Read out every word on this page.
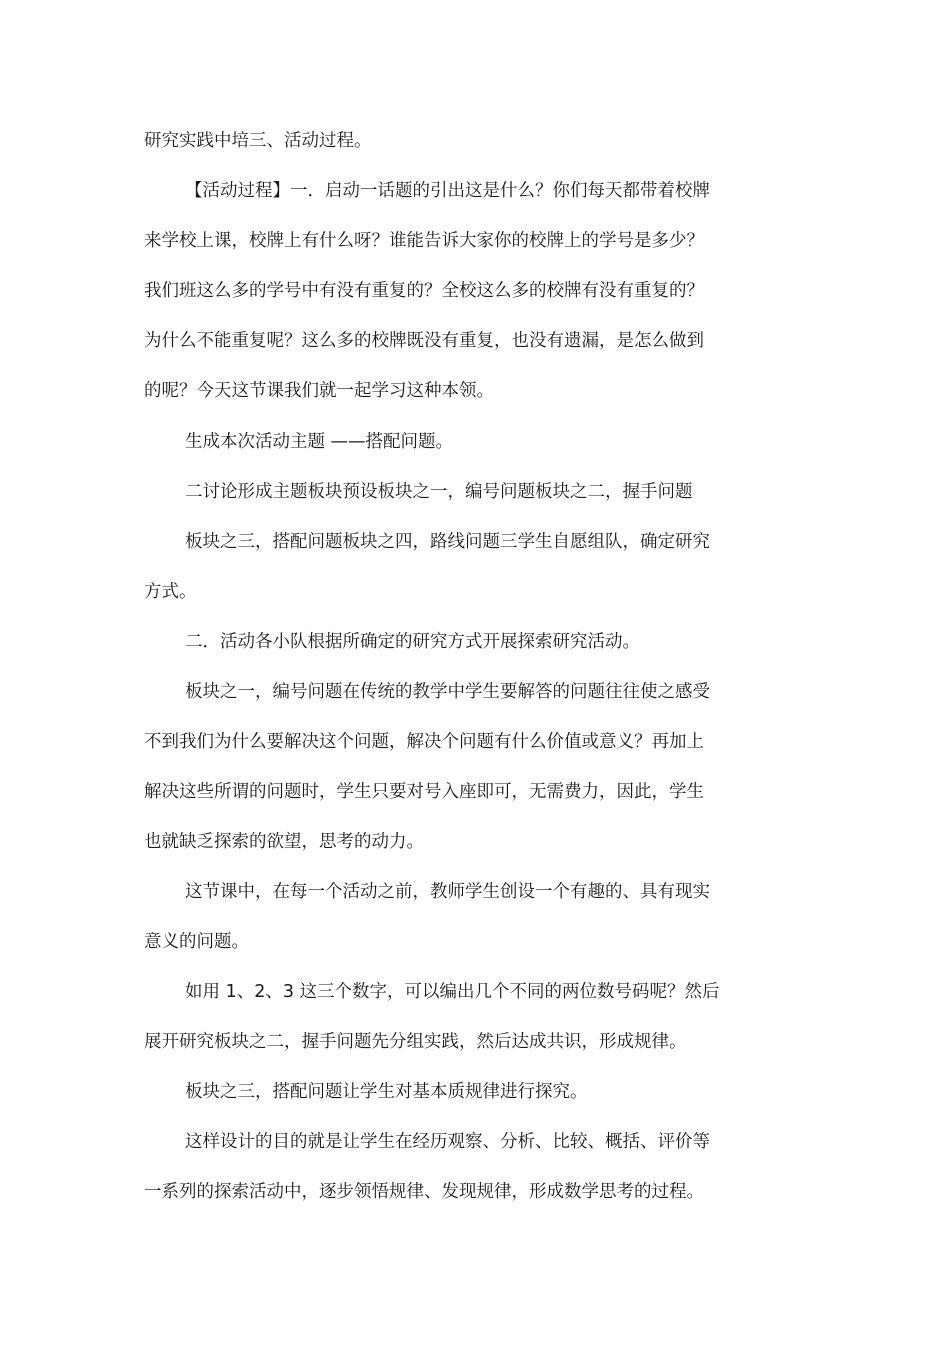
研究实践中培三、活动过程。

【活动过程】一．启动一话题的引出这是什么？你们每天都带着校牌

来学校上课，校牌上有什么呀？谁能告诉大家你的校牌上的学号是多少？

我们班这么多的学号中有没有重复的？全校这么多的校牌有没有重复的？

为什么不能重复呢？这么多的校牌既没有重复，也没有遗漏，是怎么做到

的呢？今天这节课我们就一起学习这种本领。

生成本次活动主题 ——搭配问题。

二讨论形成主题板块预设板块之一，编号问题板块之二，握手问题

板块之三，搭配问题板块之四，路线问题三学生自愿组队，确定研究

方式。

二．活动各小队根据所确定的研究方式开展探索研究活动。

板块之一，编号问题在传统的教学中学生要解答的问题往往使之感受

不到我们为什么要解决这个问题，解决个问题有什么价值或意义？再加上

解决这些所谓的问题时，学生只要对号入座即可，无需费力，因此，学生

也就缺乏探索的欲望，思考的动力。

这节课中，在每一个活动之前，教师学生创设一个有趣的、具有现实

意义的问题。

如用 1、2、3 这三个数字，可以编出几个不同的两位数号码呢？然后

展开研究板块之二，握手问题先分组实践，然后达成共识，形成规律。

板块之三，搭配问题让学生对基本质规律进行探究。

这样设计的目的就是让学生在经历观察、分析、比较、概括、评价等

一系列的探索活动中，逐步领悟规律、发现规律，形成数学思考的过程。
